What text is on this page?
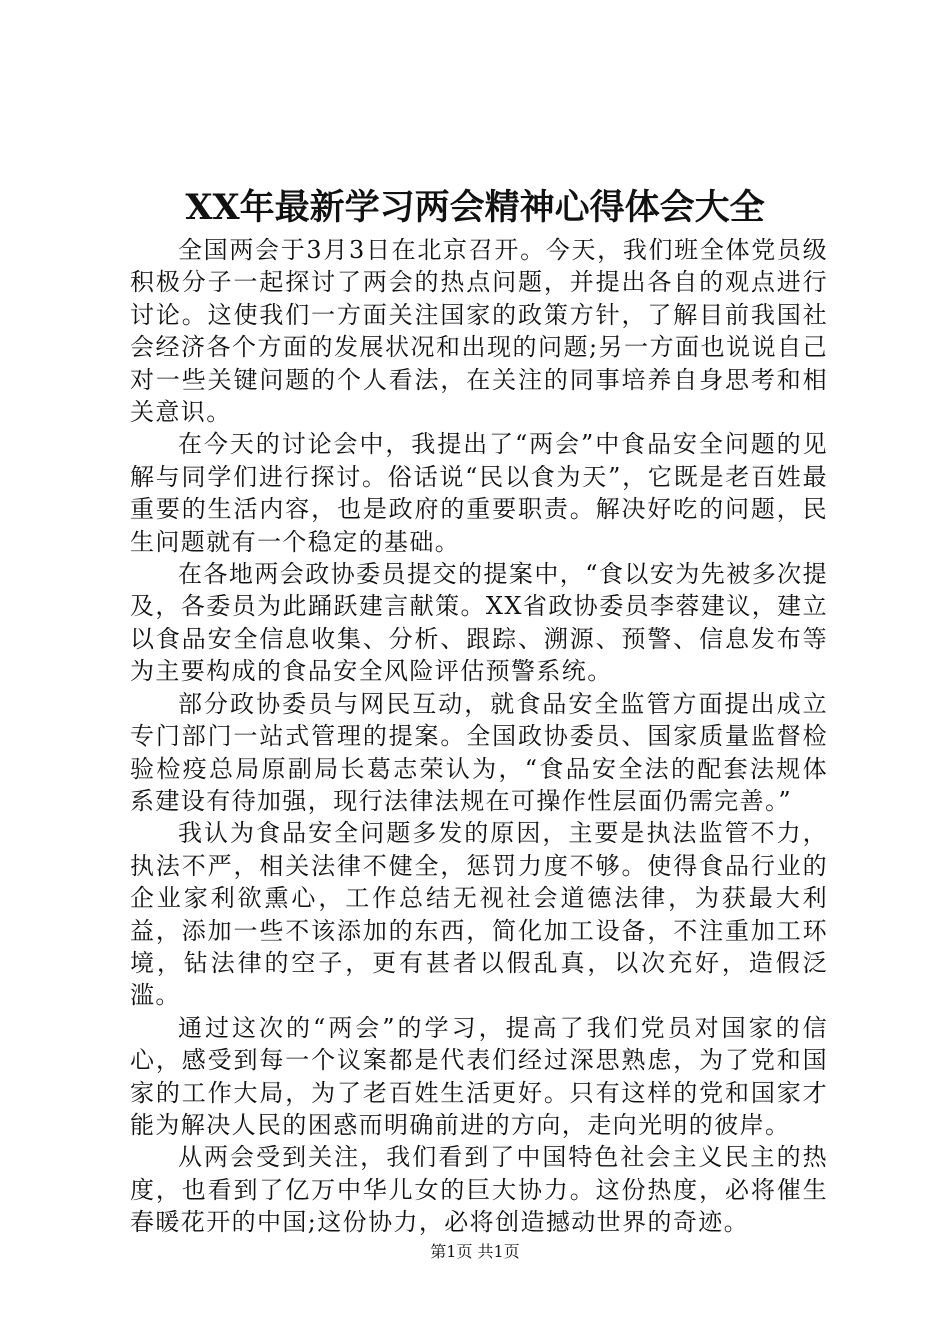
XX年最新学习两会精神心得体会大全

全国两会于3月3日在北京召开。今天，我们班全体党员级积极分子一起探讨了两会的热点问题，并提出各自的观点进行讨论。这使我们一方面关注国家的政策方针，了解目前我国社会经济各个方面的发展状况和出现的问题;另一方面也说说自己对一些关键问题的个人看法，在关注的同事培养自身思考和相关意识。

在今天的讨论会中，我提出了“两会”中食品安全问题的见解与同学们进行探讨。俗话说“民以食为天”，它既是老百姓最重要的生活内容，也是政府的重要职责。解决好吃的问题，民生问题就有一个稳定的基础。

在各地两会政协委员提交的提案中，“食以安为先被多次提及，各委员为此踊跃建言献策。XX省政协委员李蓉建议，建立以食品安全信息收集、分析、跟踪、溯源、预警、信息发布等为主要构成的食品安全风险评估预警系统。

部分政协委员与网民互动，就食品安全监管方面提出成立专门部门一站式管理的提案。全国政协委员、国家质量监督检验检疫总局原副局长葛志荣认为，“食品安全法的配套法规体系建设有待加强，现行法律法规在可操作性层面仍需完善。”

我认为食品安全问题多发的原因，主要是执法监管不力，执法不严，相关法律不健全，惩罚力度不够。使得食品行业的企业家利欲熏心，工作总结无视社会道德法律，为获最大利益，添加一些不该添加的东西，简化加工设备，不注重加工环境，钻法律的空子，更有甚者以假乱真，以次充好，造假泛滥。

通过这次的“两会”的学习，提高了我们党员对国家的信心，感受到每一个议案都是代表们经过深思熟虑，为了党和国家的工作大局，为了老百姓生活更好。只有这样的党和国家才能为解决人民的困惑而明确前进的方向，走向光明的彼岸。

从两会受到关注，我们看到了中国特色社会主义民主的热度，也看到了亿万中华儿女的巨大协力。这份热度，必将催生春暖花开的中国;这份协力，必将创造撼动世界的奇迹。

第1页 共1页
